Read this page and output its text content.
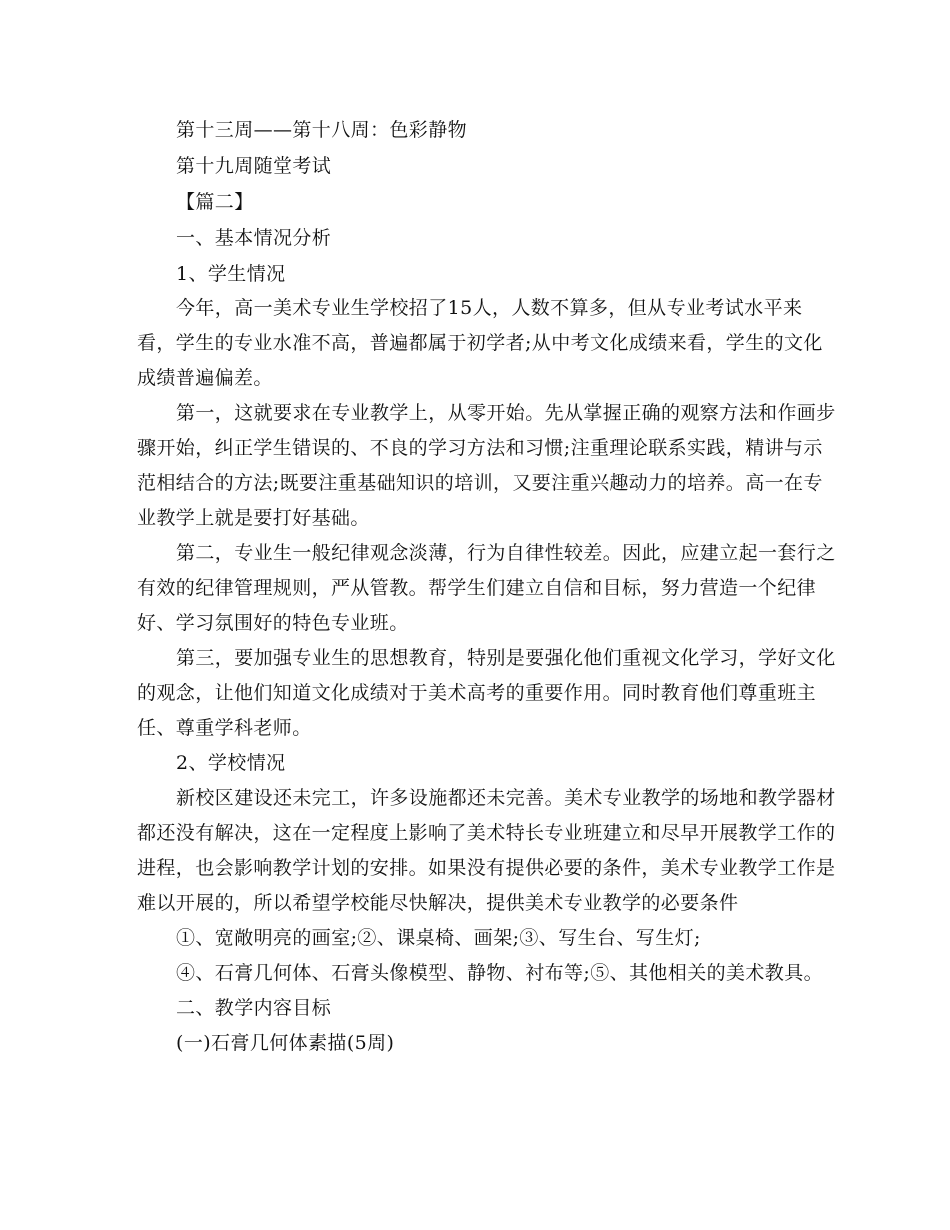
第十三周——第十八周：色彩静物

第十九周随堂考试

【篇二】

一、基本情况分析

1、学生情况

今年，高一美术专业生学校招了15人，人数不算多，但从专业考试水平来

看，学生的专业水准不高，普遍都属于初学者;从中考文化成绩来看，学生的文化

成绩普遍偏差。

第一，这就要求在专业教学上，从零开始。先从掌握正确的观察方法和作画步

骤开始，纠正学生错误的、不良的学习方法和习惯;注重理论联系实践，精讲与示

范相结合的方法;既要注重基础知识的培训，又要注重兴趣动力的培养。高一在专

业教学上就是要打好基础。

第二，专业生一般纪律观念淡薄，行为自律性较差。因此，应建立起一套行之

有效的纪律管理规则，严从管教。帮学生们建立自信和目标，努力营造一个纪律

好、学习氛围好的特色专业班。

第三，要加强专业生的思想教育，特别是要强化他们重视文化学习，学好文化

的观念，让他们知道文化成绩对于美术高考的重要作用。同时教育他们尊重班主

任、尊重学科老师。

2、学校情况

新校区建设还未完工，许多设施都还未完善。美术专业教学的场地和教学器材

都还没有解决，这在一定程度上影响了美术特长专业班建立和尽早开展教学工作的

进程，也会影响教学计划的安排。如果没有提供必要的条件，美术专业教学工作是

难以开展的，所以希望学校能尽快解决，提供美术专业教学的必要条件

①、宽敞明亮的画室;②、课桌椅、画架;③、写生台、写生灯;

④、石膏几何体、石膏头像模型、静物、衬布等;⑤、其他相关的美术教具。

二、教学内容目标

(一)石膏几何体素描(5周)
